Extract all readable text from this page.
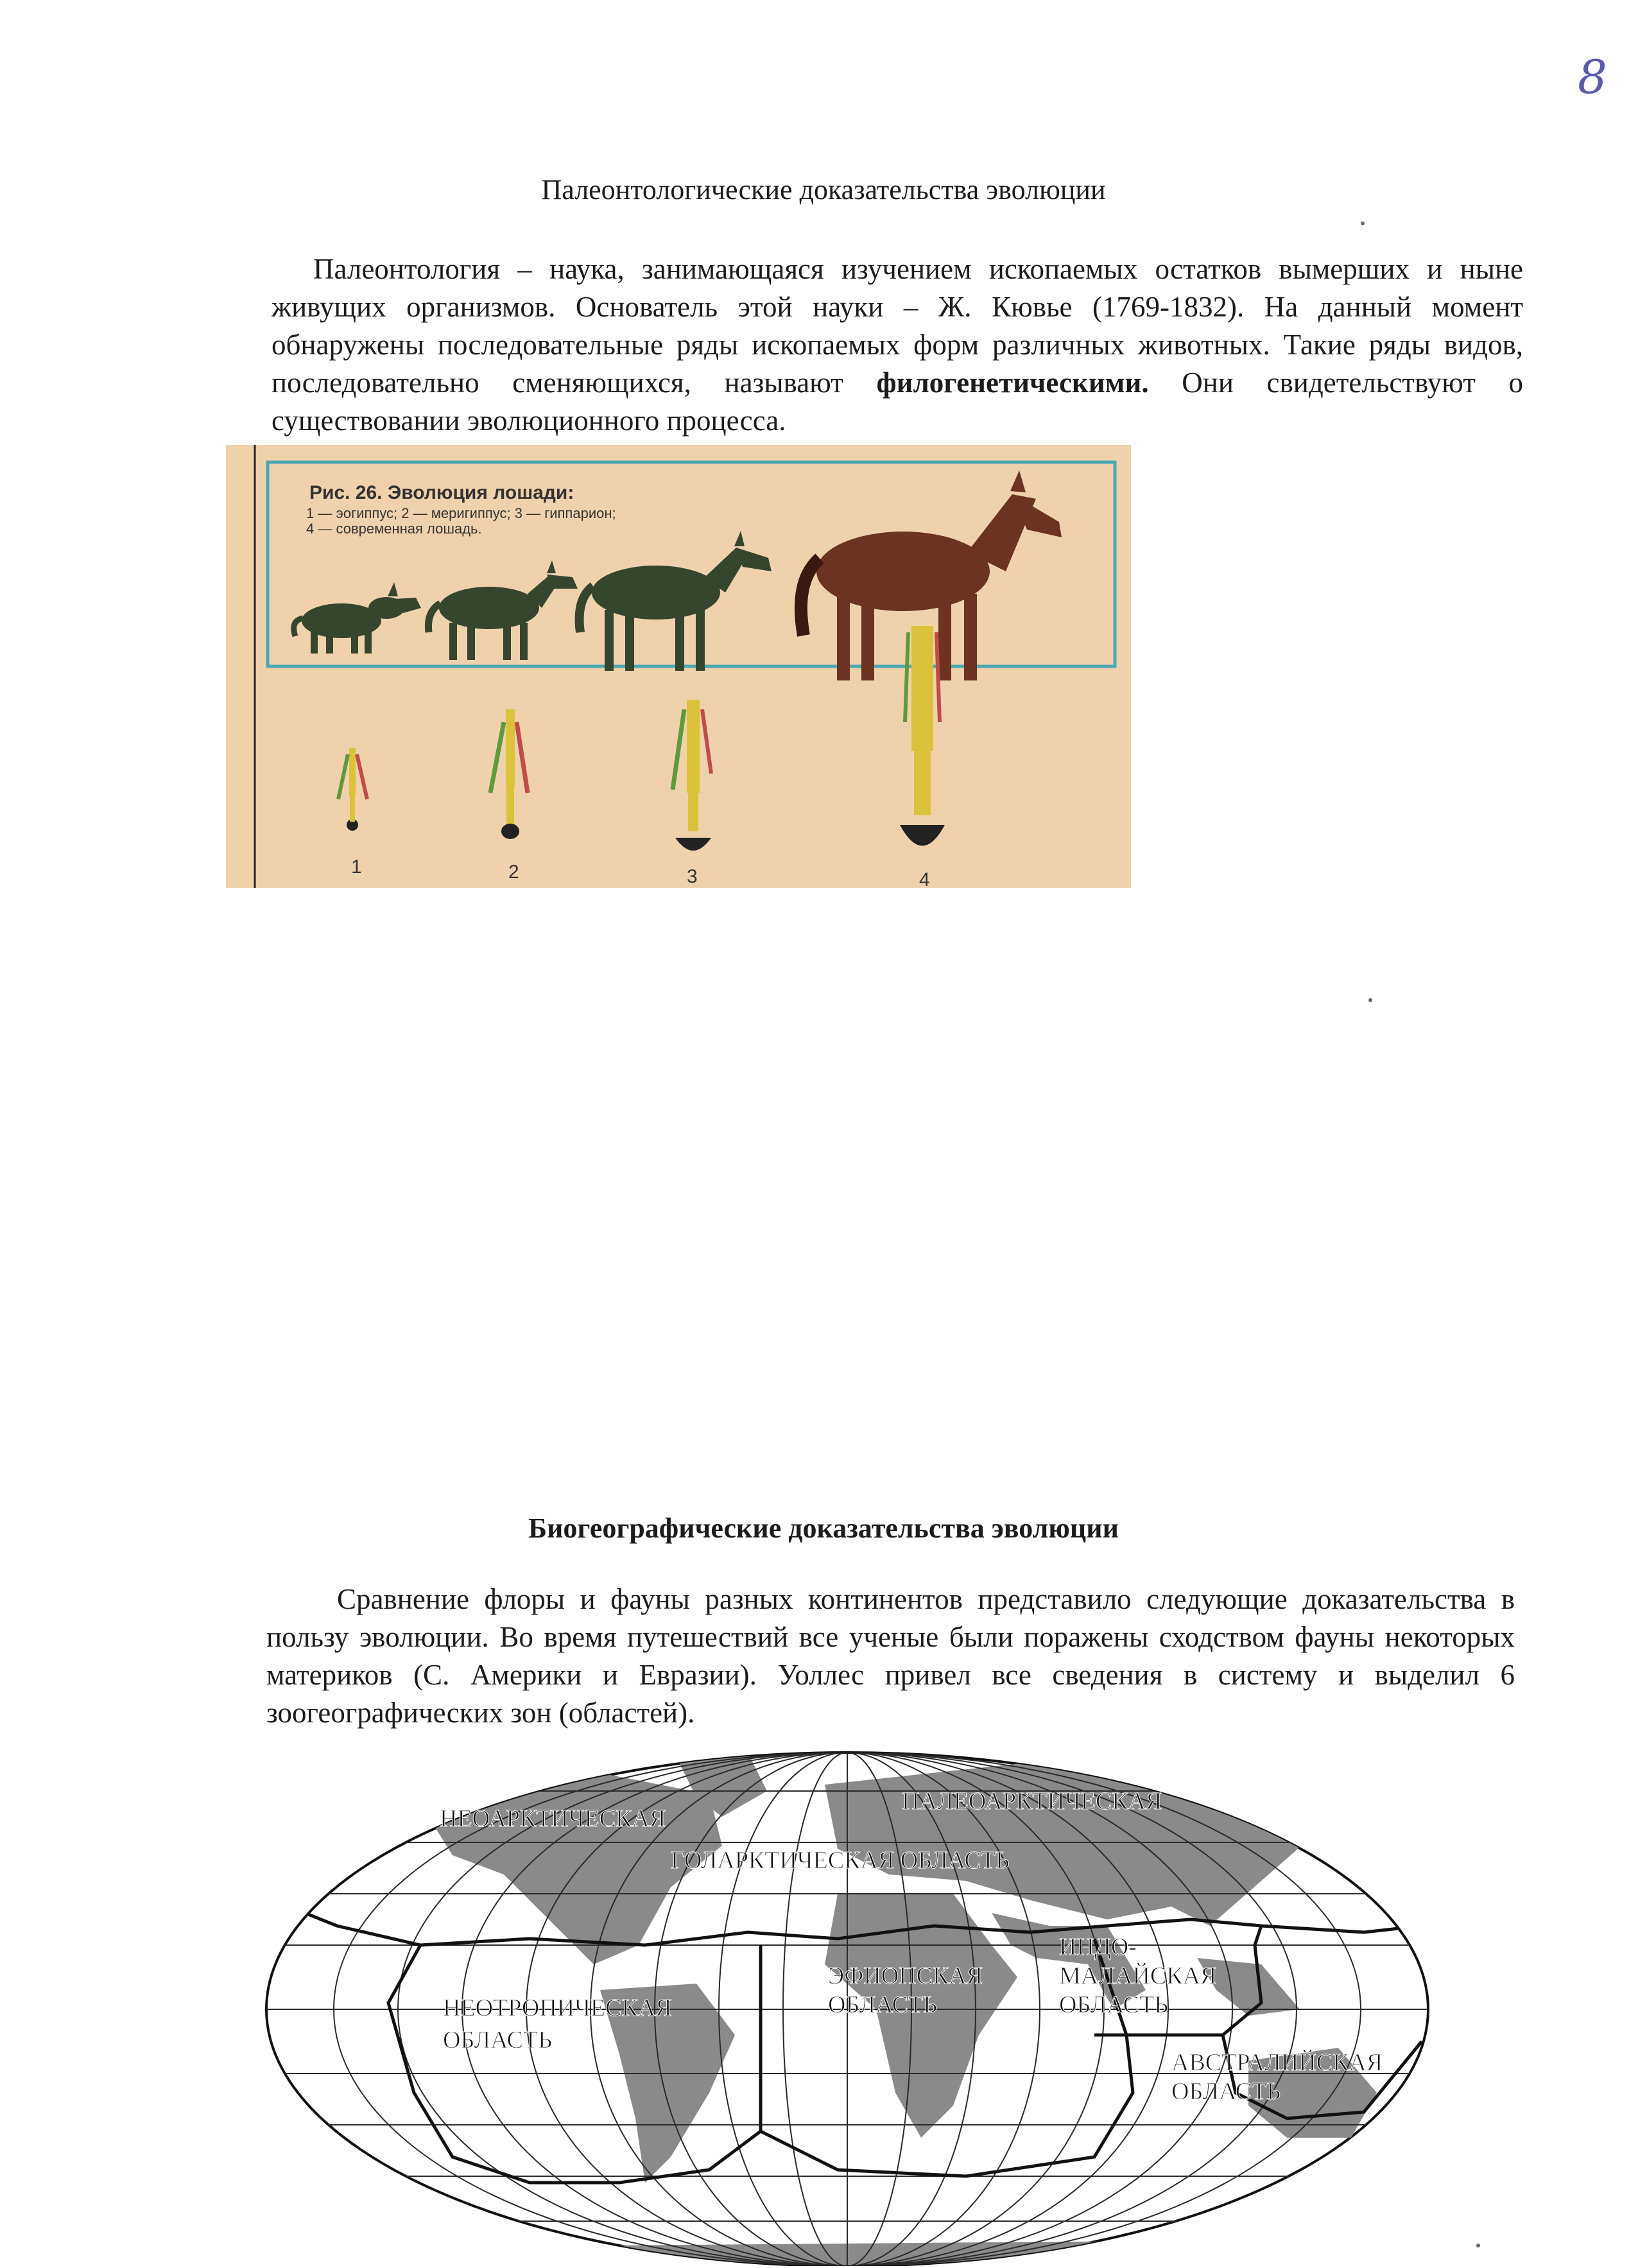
8
Палеонтологические доказательства эволюции

Палеонтология – наука, занимающаяся изучением ископаемых остатков вымерших и ныне живущих организмов. Основатель этой науки – Ж. Кювье (1769-1832). На данный момент обнаружены последовательные ряды ископаемых форм различных животных. Такие ряды видов, последовательно сменяющихся, называют филогенетическими. Они свидетельствуют о существовании эволюционного процесса.

Рис. 26. Эволюция лошади:
1 — эогиппус; 2 — меригиппус; 3 — гиппарион;
4 — современная лошадь.
1	2	3	4
Биогеографические доказательства эволюции

Сравнение флоры и фауны разных континентов представило следующие доказательства в пользу эволюции. Во время путешествий все ученые были поражены сходством фауны некоторых материков (С. Америки и Евразии). Уоллес привел все сведения в систему и выделил 6 зоогеографических зон (областей).

НЕОАРКТИЧЕСКАЯ
ПАЛЕОАРКТИЧЕСКАЯ
ГОЛАРКТИЧЕСКАЯ ОБЛАСТЬ
НЕОТРОПИЧЕСКАЯ
ОБЛАСТЬ
ЭФИОПСКАЯ
ОБЛАСТЬ
ИНДО-
МАЛАЙСКАЯ
ОБЛАСТЬ
АВСТРАЛИЙСКАЯ
ОБЛАСТЬ
